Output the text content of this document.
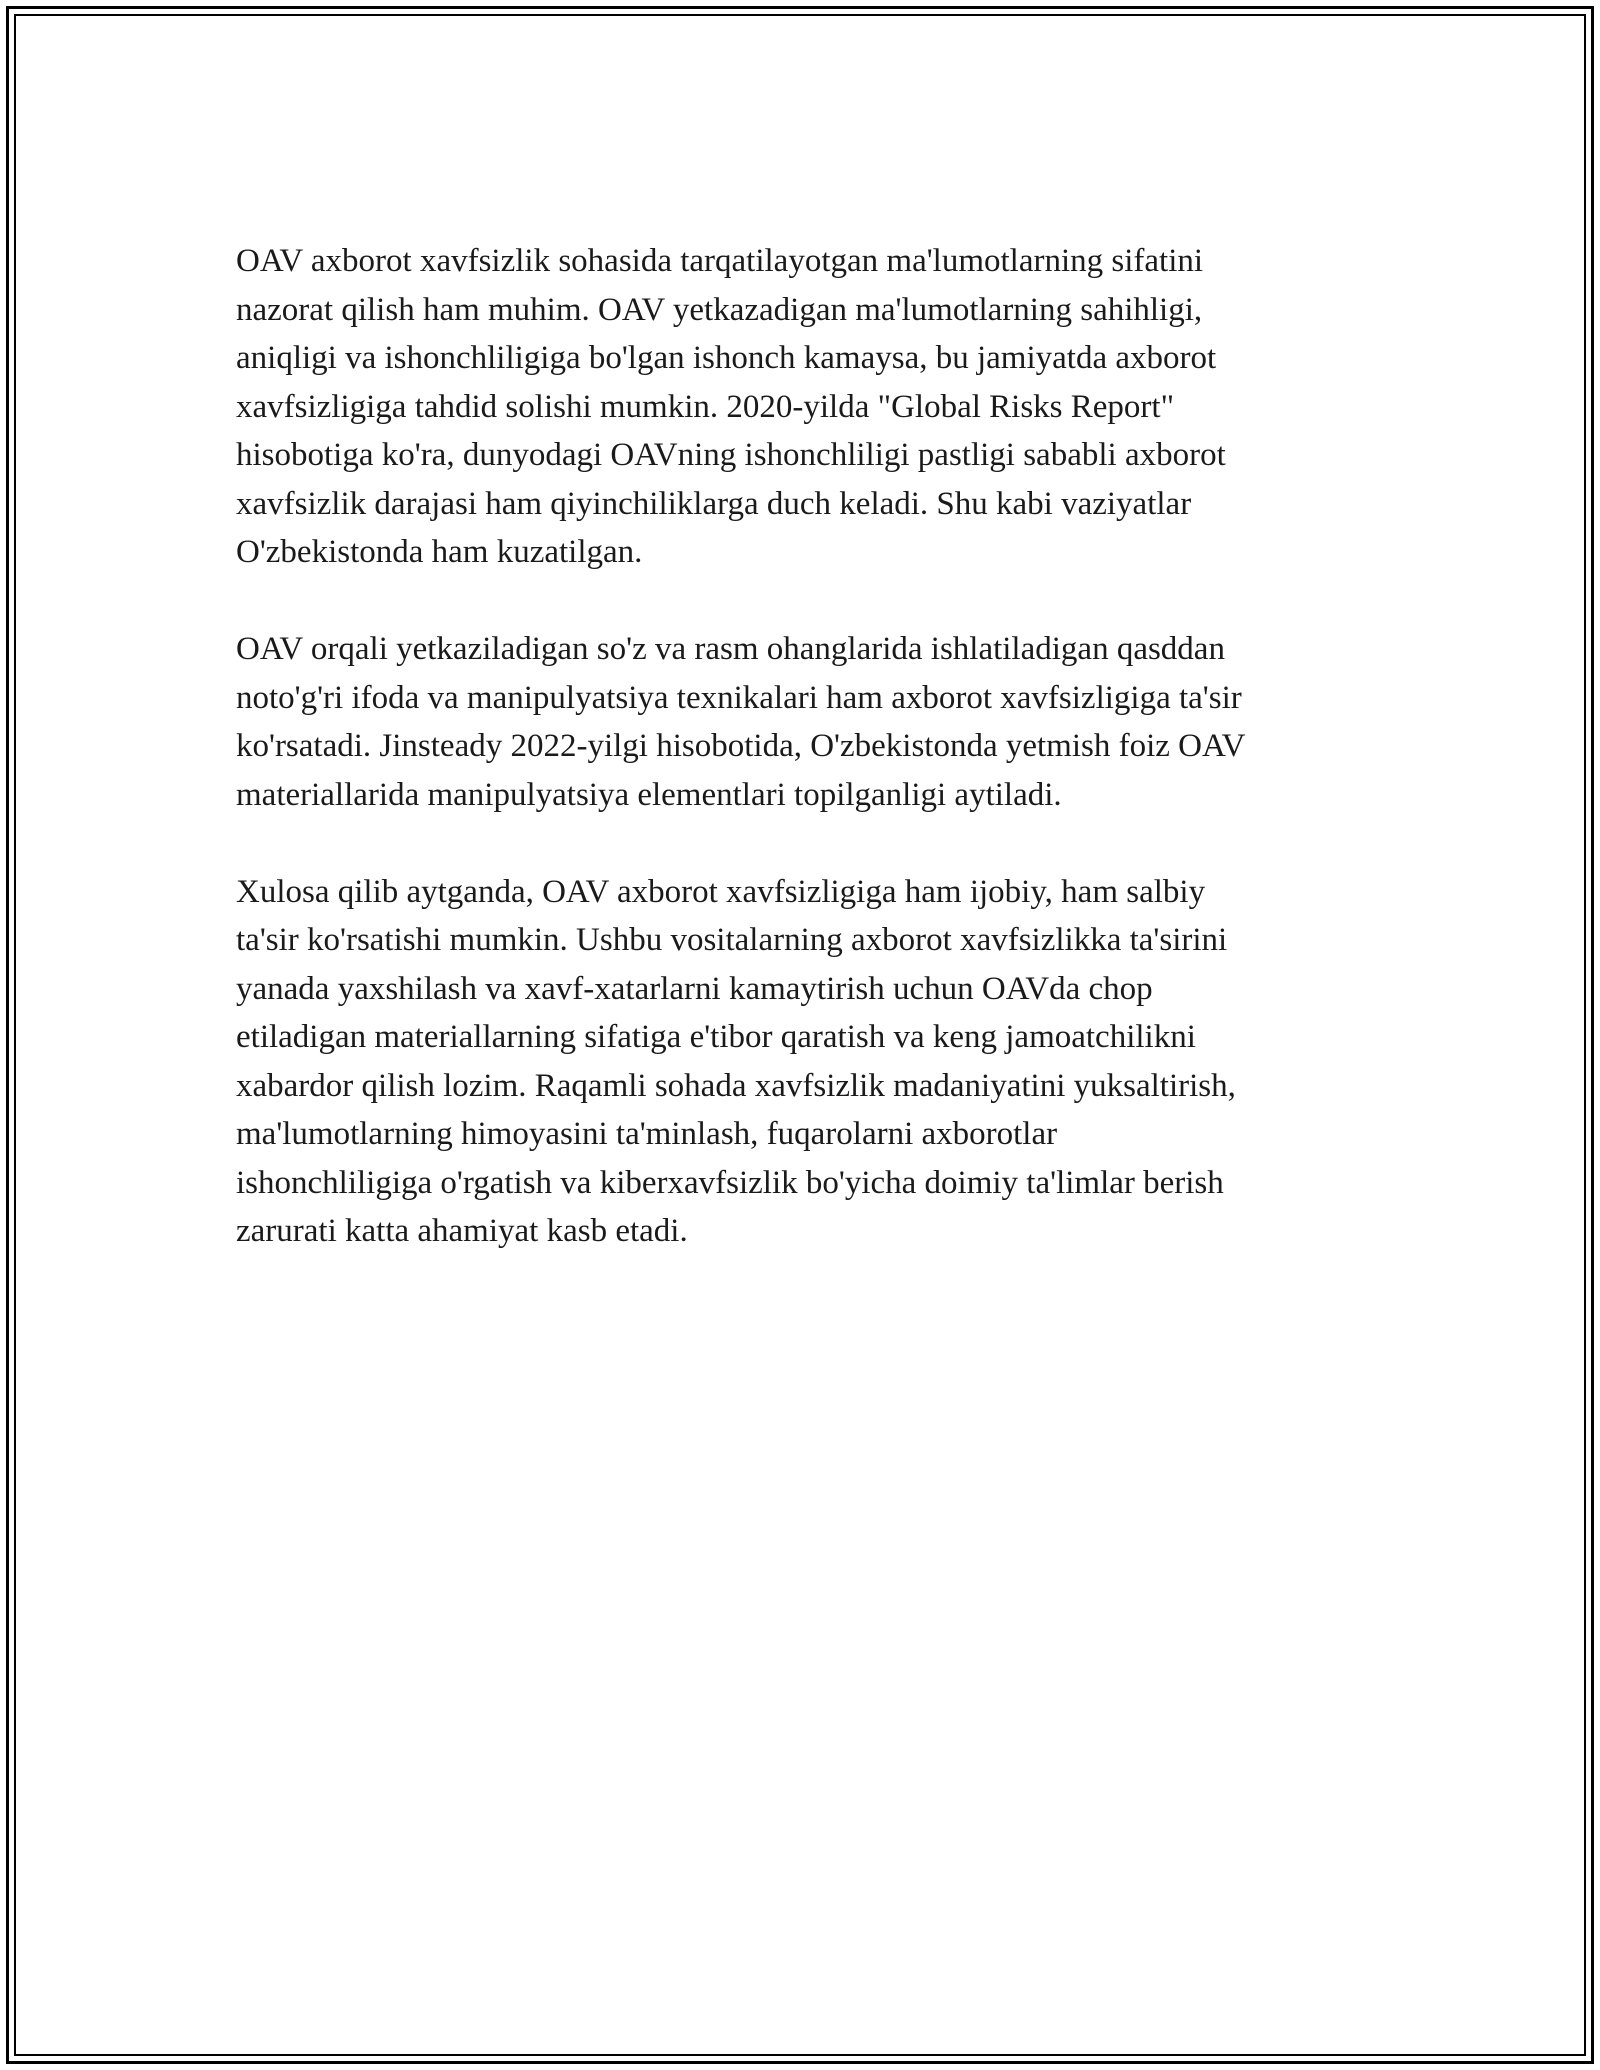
OAV axborot xavfsizlik sohasida tarqatilayotgan ma'lumotlarning sifatini
nazorat qilish ham muhim. OAV yetkazadigan ma'lumotlarning sahihligi,
aniqligi va ishonchliligiga bo'lgan ishonch kamaysa, bu jamiyatda axborot
xavfsizligiga tahdid solishi mumkin. 2020-yilda "Global Risks Report"
hisobotiga ko'ra, dunyodagi OAVning ishonchliligi pastligi sababli axborot
xavfsizlik darajasi ham qiyinchiliklarga duch keladi. Shu kabi vaziyatlar
O'zbekistonda ham kuzatilgan.

OAV orqali yetkaziladigan so'z va rasm ohanglarida ishlatiladigan qasddan
noto'g'ri ifoda va manipulyatsiya texnikalari ham axborot xavfsizligiga ta'sir
ko'rsatadi. Jinsteady 2022-yilgi hisobotida, O'zbekistonda yetmish foiz OAV
materiallarida manipulyatsiya elementlari topilganligi aytiladi.

Xulosa qilib aytganda, OAV axborot xavfsizligiga ham ijobiy, ham salbiy
ta'sir ko'rsatishi mumkin. Ushbu vositalarning axborot xavfsizlikka ta'sirini
yanada yaxshilash va xavf-xatarlarni kamaytirish uchun OAVda chop
etiladigan materiallarning sifatiga e'tibor qaratish va keng jamoatchilikni
xabardor qilish lozim. Raqamli sohada xavfsizlik madaniyatini yuksaltirish,
ma'lumotlarning himoyasini ta'minlash, fuqarolarni axborotlar
ishonchliligiga o'rgatish va kiberxavfsizlik bo'yicha doimiy ta'limlar berish
zarurati katta ahamiyat kasb etadi.
